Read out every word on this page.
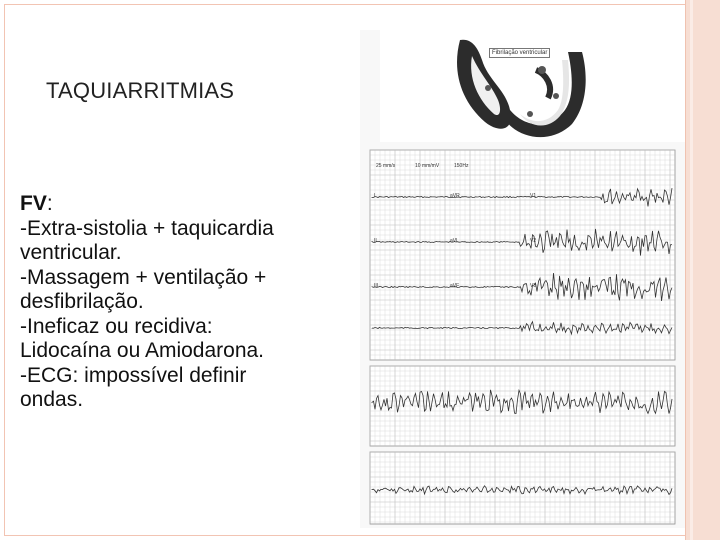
TAQUIARRITMIAS
FV:
-Extra-sistolia + taquicardia
ventricular.
-Massagem + ventilação +
desfibrilação.
-Ineficaz ou recidiva:
Lidocaína ou Amiodarona.
-ECG: impossível definir
ondas.
Fibrilação ventricular
25 mm/s	10 mm/mV	150Hz
I	aVR	V1
II	aVL	V2
III	aVF	V3
